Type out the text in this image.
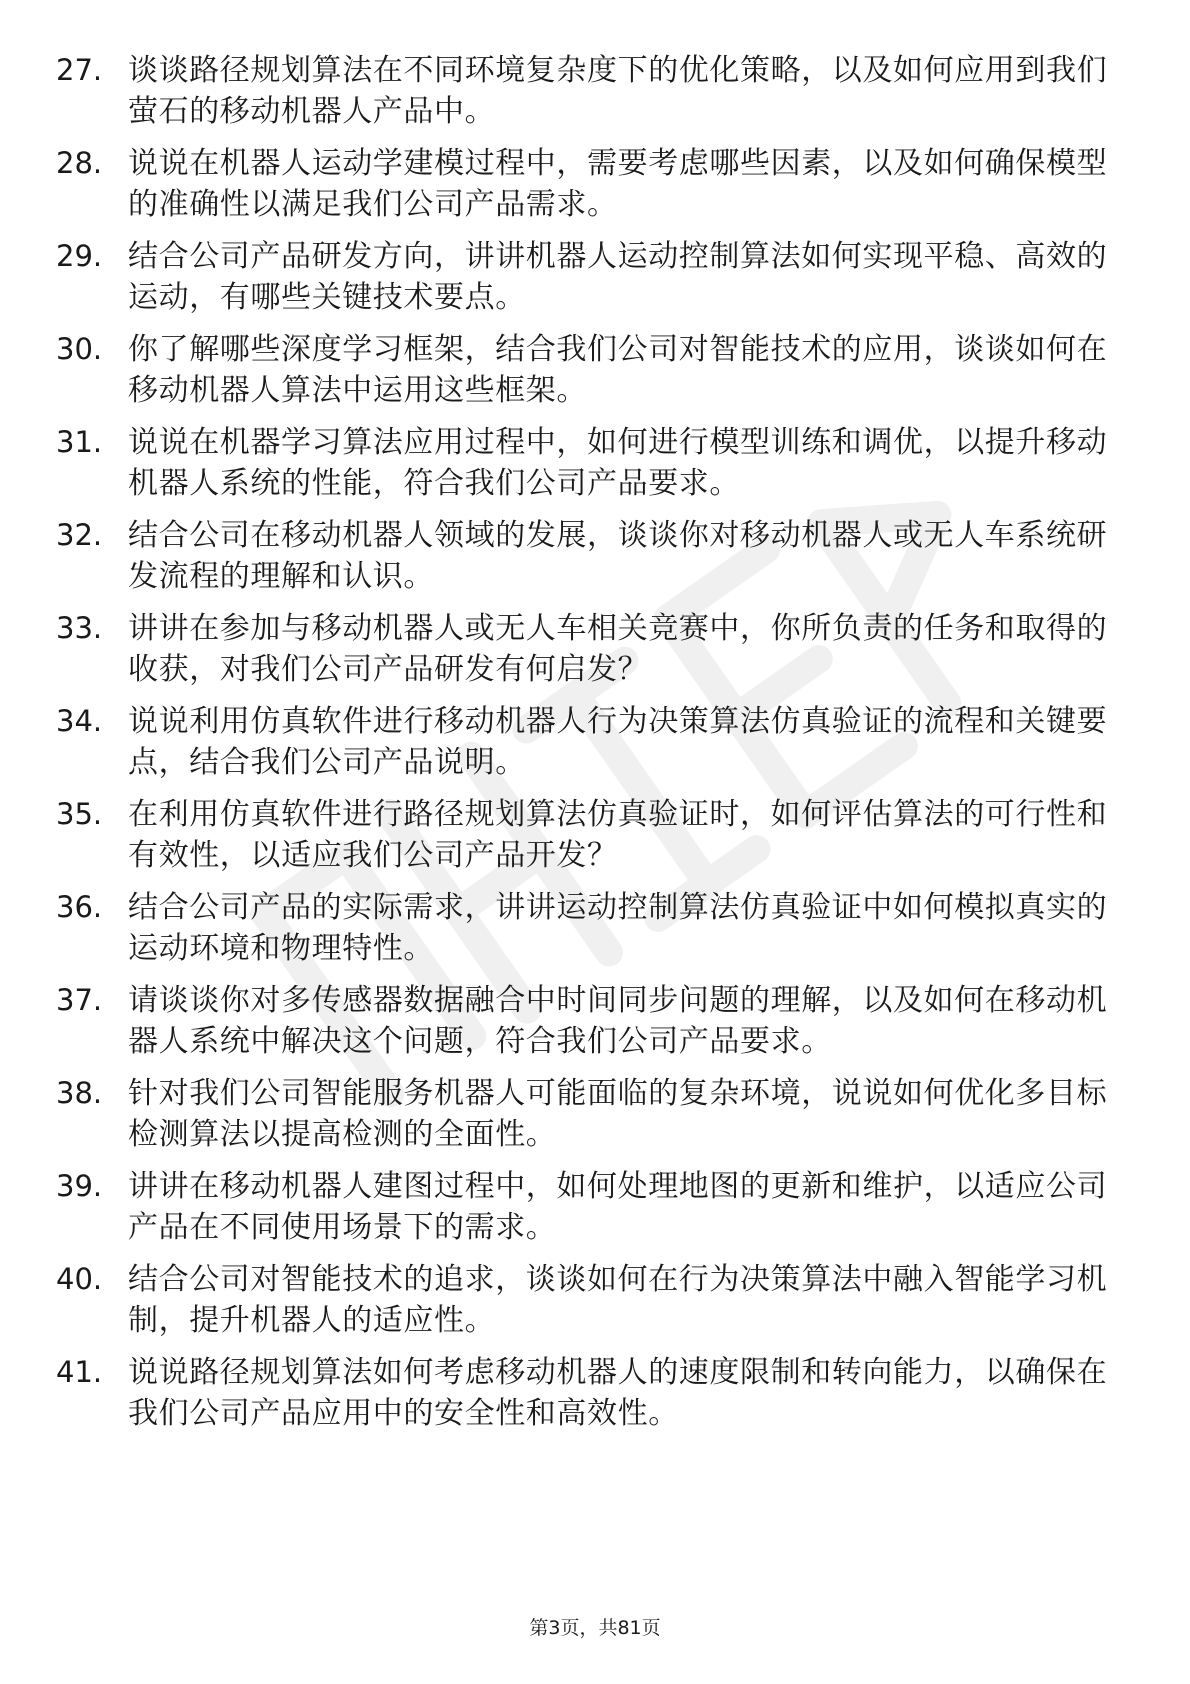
27. 谈谈路径规划算法在不同环境复杂度下的优化策略，以及如何应用到我们萤石的移动机器人产品中。
28. 说说在机器人运动学建模过程中，需要考虑哪些因素，以及如何确保模型的准确性以满足我们公司产品需求。
29. 结合公司产品研发方向，讲讲机器人运动控制算法如何实现平稳、高效的运动，有哪些关键技术要点。
30. 你了解哪些深度学习框架，结合我们公司对智能技术的应用，谈谈如何在移动机器人算法中运用这些框架。
31. 说说在机器学习算法应用过程中，如何进行模型训练和调优，以提升移动机器人系统的性能，符合我们公司产品要求。
32. 结合公司在移动机器人领域的发展，谈谈你对移动机器人或无人车系统研发流程的理解和认识。
33. 讲讲在参加与移动机器人或无人车相关竞赛中，你所负责的任务和取得的收获，对我们公司产品研发有何启发？
34. 说说利用仿真软件进行移动机器人行为决策算法仿真验证的流程和关键要点，结合我们公司产品说明。
35. 在利用仿真软件进行路径规划算法仿真验证时，如何评估算法的可行性和有效性，以适应我们公司产品开发？
36. 结合公司产品的实际需求，讲讲运动控制算法仿真验证中如何模拟真实的运动环境和物理特性。
37. 请谈谈你对多传感器数据融合中时间同步问题的理解，以及如何在移动机器人系统中解决这个问题，符合我们公司产品要求。
38. 针对我们公司智能服务机器人可能面临的复杂环境，说说如何优化多目标检测算法以提高检测的全面性。
39. 讲讲在移动机器人建图过程中，如何处理地图的更新和维护，以适应公司产品在不同使用场景下的需求。
40. 结合公司对智能技术的追求，谈谈如何在行为决策算法中融入智能学习机制，提升机器人的适应性。
41. 说说路径规划算法如何考虑移动机器人的速度限制和转向能力，以确保在我们公司产品应用中的安全性和高效性。
第3页，共81页
